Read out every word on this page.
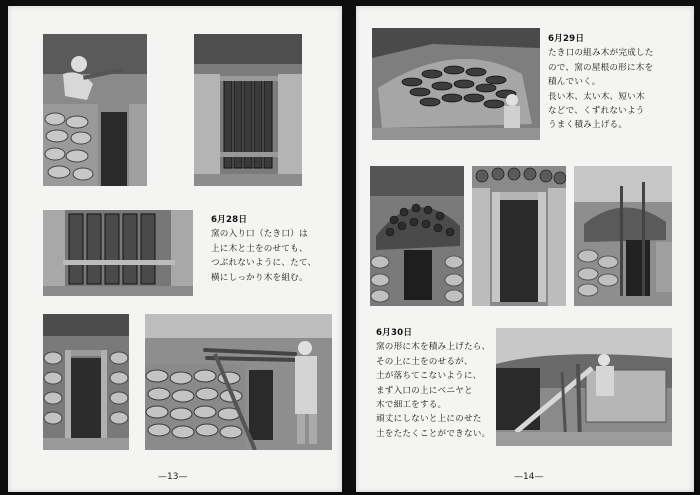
6月28日
窯の入り口（たき口）は
上に木と土をのせても、
つぶれないように、たて、
横にしっかり木を組む。
—13—
6月29日
たき口の組み木が完成した
ので、窯の屋根の形に木を
積んでいく。
長い木、太い木、短い木
などで、くずれないよう
うまく積み上げる。
6月30日
窯の形に木を積み上げたら、
その上に土をのせるが、
土が落ちてこないように、
まず入口の上にベニヤと
木で細工をする。
頑丈にしないと上にのせた
土をたたくことができない。
—14—
